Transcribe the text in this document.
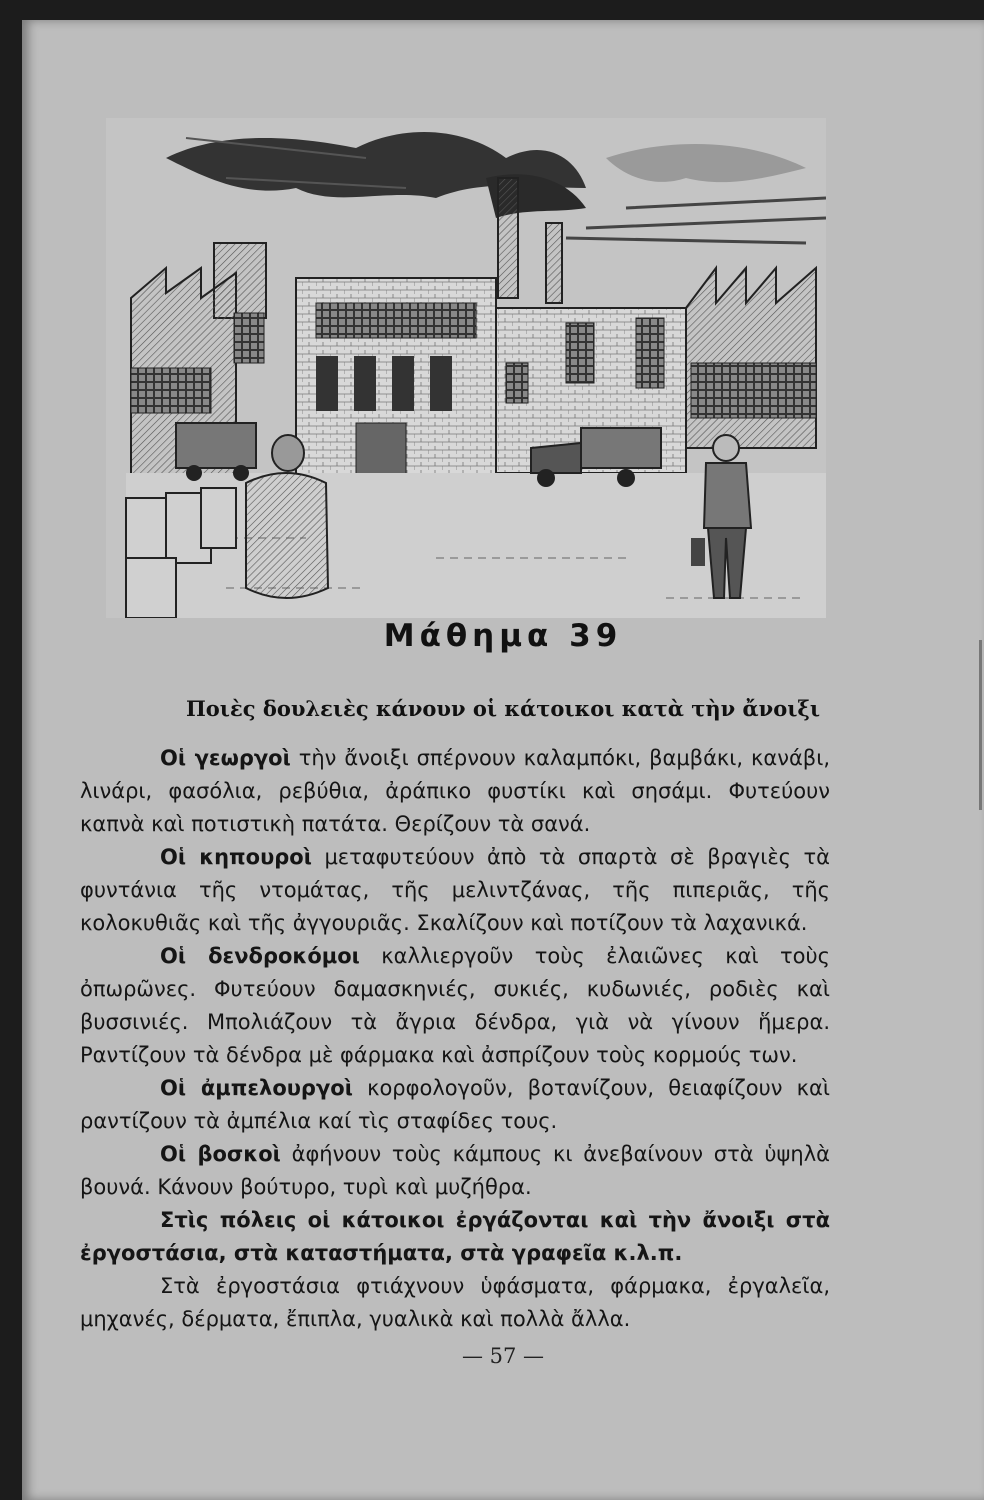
Μάθημα 39
Ποιὲς δουλειὲς κάνουν οἱ κάτοικοι κατὰ τὴν ἄνοιξι

Οἱ γεωργοὶ τὴν ἄνοιξι σπέρνουν καλαμπόκι, βαμβάκι, κανάβι, λινάρι, φασόλια, ρεβύθια, ἀράπικο φυστίκι καὶ σησάμι. Φυτεύουν καπνὰ καὶ ποτιστικὴ πατάτα. Θερίζουν τὰ σανά.

Οἱ κηπουροὶ μεταφυτεύουν ἀπὸ τὰ σπαρτὰ σὲ βραγιὲς τὰ φυντάνια τῆς ντομάτας, τῆς μελιντζάνας, τῆς πιπεριᾶς, τῆς κολοκυθιᾶς καὶ τῆς ἀγγουριᾶς. Σκαλίζουν καὶ ποτίζουν τὰ λαχανικά.

Οἱ δενδροκόμοι καλλιεργοῦν τοὺς ἐλαιῶνες καὶ τοὺς ὀπωρῶνες. Φυτεύουν δαμασκηνιές, συκιές, κυδωνιές, ροδιὲς καὶ βυσσινιές. Μπολιάζουν τὰ ἄγρια δένδρα, γιὰ νὰ γίνουν ἥμερα. Ραντίζουν τὰ δένδρα μὲ φάρμακα καὶ ἀσπρίζουν τοὺς κορμούς των.

Οἱ ἀμπελουργοὶ κορφολογοῦν, βοτανίζουν, θειαφίζουν καὶ ραντίζουν τὰ ἀμπέλια καί τὶς σταφίδες τους.

Οἱ βοσκοὶ ἀφήνουν τοὺς κάμπους κι ἀνεβαίνουν στὰ ὑψηλὰ βουνά. Κάνουν βούτυρο, τυρὶ καὶ μυζήθρα.

Στὶς πόλεις οἱ κάτοικοι ἐργάζονται καὶ τὴν ἄνοιξι στὰ ἐργοστάσια, στὰ καταστήματα, στὰ γραφεῖα κ.λ.π.

Στὰ ἐργοστάσια φτιάχνουν ὑφάσματα, φάρμακα, ἐργαλεῖα, μηχανές, δέρματα, ἔπιπλα, γυαλικὰ καὶ πολλὰ ἄλλα.

— 57 —
